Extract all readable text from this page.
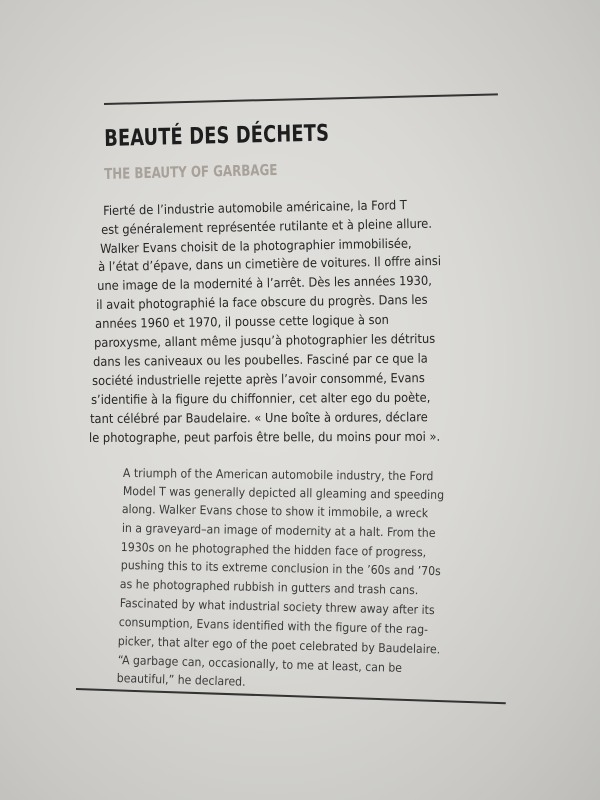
BEAUTÉ DES DÉCHETS
THE BEAUTY OF GARBAGE
Fierté de l’industrie automobile américaine, la Ford T
est généralement représentée rutilante et à pleine allure.
Walker Evans choisit de la photographier immobilisée,
à l’état d’épave, dans un cimetière de voitures. Il offre ainsi
une image de la modernité à l’arrêt. Dès les années 1930,
il avait photographié la face obscure du progrès. Dans les
années 1960 et 1970, il pousse cette logique à son
paroxysme, allant même jusqu’à photographier les détritus
dans les caniveaux ou les poubelles. Fasciné par ce que la
société industrielle rejette après l’avoir consommé, Evans
s’identifie à la figure du chiffonnier, cet alter ego du poète,
tant célébré par Baudelaire. « Une boîte à ordures, déclare
le photographe, peut parfois être belle, du moins pour moi ».
A triumph of the American automobile industry, the Ford
Model T was generally depicted all gleaming and speeding
along. Walker Evans chose to show it immobile, a wreck
in a graveyard–an image of modernity at a halt. From the
1930s on he photographed the hidden face of progress,
pushing this to its extreme conclusion in the ’60s and ’70s
as he photographed rubbish in gutters and trash cans.
Fascinated by what industrial society threw away after its
consumption, Evans identified with the figure of the rag-
picker, that alter ego of the poet celebrated by Baudelaire.
“A garbage can, occasionally, to me at least, can be
beautiful,” he declared.
